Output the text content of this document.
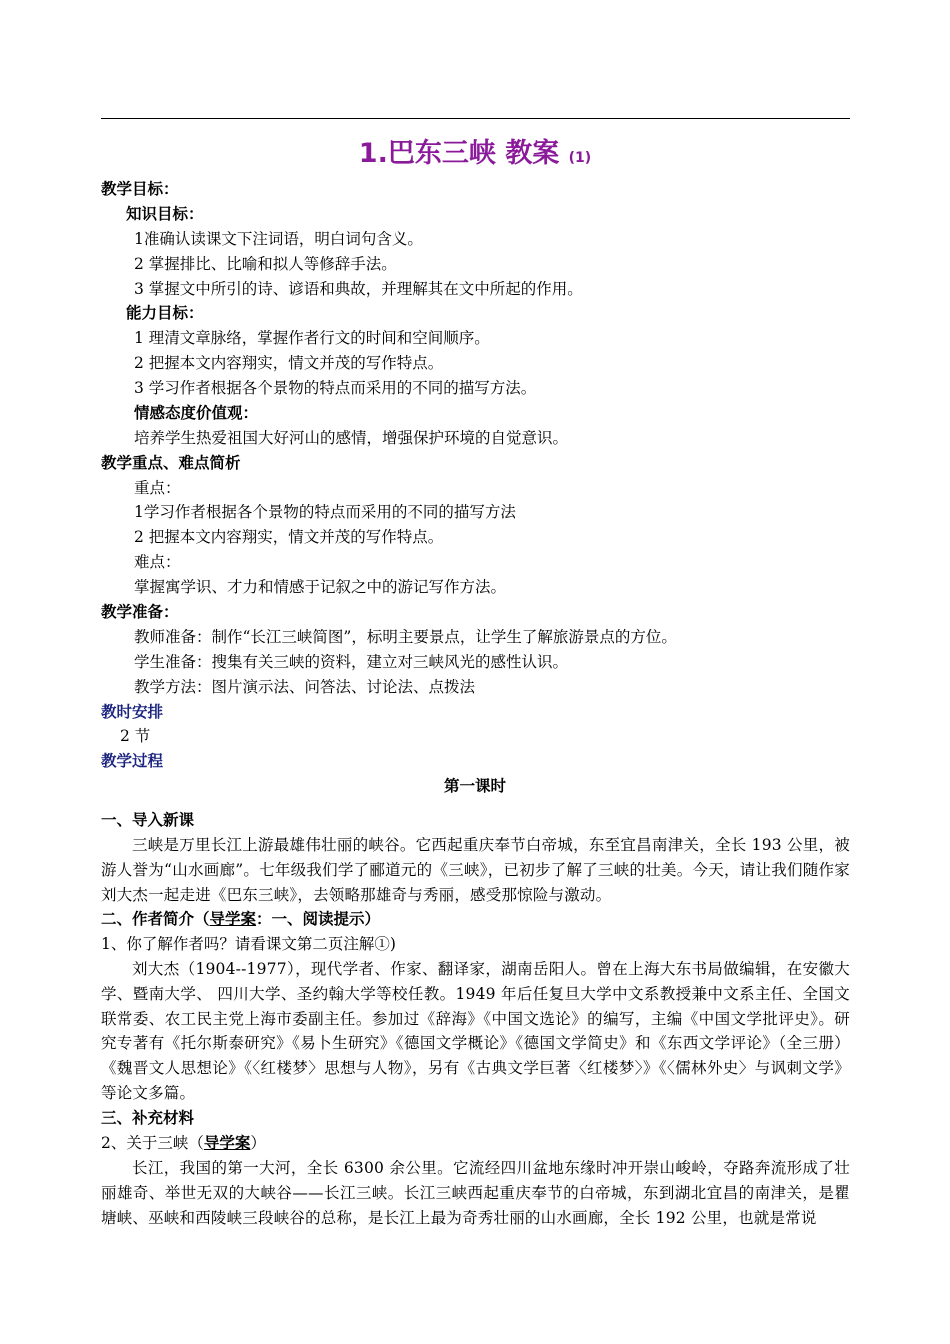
1.巴东三峡 教案 (1)
教学目标：
知识目标：
1准确认读课文下注词语，明白词句含义。
2 掌握排比、比喻和拟人等修辞手法。
3 掌握文中所引的诗、谚语和典故，并理解其在文中所起的作用。
能力目标：
1 理清文章脉络，掌握作者行文的时间和空间顺序。
2 把握本文内容翔实，情文并茂的写作特点。
3 学习作者根据各个景物的特点而采用的不同的描写方法。
情感态度价值观：
培养学生热爱祖国大好河山的感情，增强保护环境的自觉意识。
教学重点、难点简析
重点：
1学习作者根据各个景物的特点而采用的不同的描写方法
2 把握本文内容翔实，情文并茂的写作特点。
难点：
掌握寓学识、才力和情感于记叙之中的游记写作方法。
教学准备：
教师准备：制作“长江三峡简图”，标明主要景点，让学生了解旅游景点的方位。
学生准备：搜集有关三峡的资料，建立对三峡风光的感性认识。
教学方法：图片演示法、问答法、讨论法、点拨法
教时安排
2 节
教学过程
第一课时
一、导入新课
三峡是万里长江上游最雄伟壮丽的峡谷。它西起重庆奉节白帝城，东至宜昌南津关，全长 193 公里，被游人誉为“山水画廊”。七年级我们学了郦道元的《三峡》，已初步了解了三峡的壮美。今天，请让我们随作家刘大杰一起走进《巴东三峡》，去领略那雄奇与秀丽，感受那惊险与激动。
二、作者简介（导学案：一、阅读提示）
1、你了解作者吗？请看课文第二页注解①)
刘大杰（1904--1977），现代学者、作家、翻译家，湖南岳阳人。曾在上海大东书局做编辑，在安徽大学、暨南大学、 四川大学、圣约翰大学等校任教。1949 年后任复旦大学中文系教授兼中文系主任、全国文联常委、农工民主党上海市委副主任。参加过《辞海》《中国文选论》的编写，主编《中国文学批评史》。研究专著有《托尔斯泰研究》《易卜生研究》《德国文学概论》《德国文学简史》和《东西文学评论》（全三册）《魏晋文人思想论》《〈红楼梦〉思想与人物》，另有《古典文学巨著〈红楼梦〉》《〈儒林外史〉与讽刺文学》等论文多篇。
三、补充材料
2、关于三峡（导学案）
长江，我国的第一大河，全长 6300 余公里。它流经四川盆地东缘时冲开崇山峻岭，夺路奔流形成了壮丽雄奇、举世无双的大峡谷——长江三峡。长江三峡西起重庆奉节的白帝城，东到湖北宜昌的南津关，是瞿塘峡、巫峡和西陵峡三段峡谷的总称，是长江上最为奇秀壮丽的山水画廊，全长 192 公里，也就是常说
